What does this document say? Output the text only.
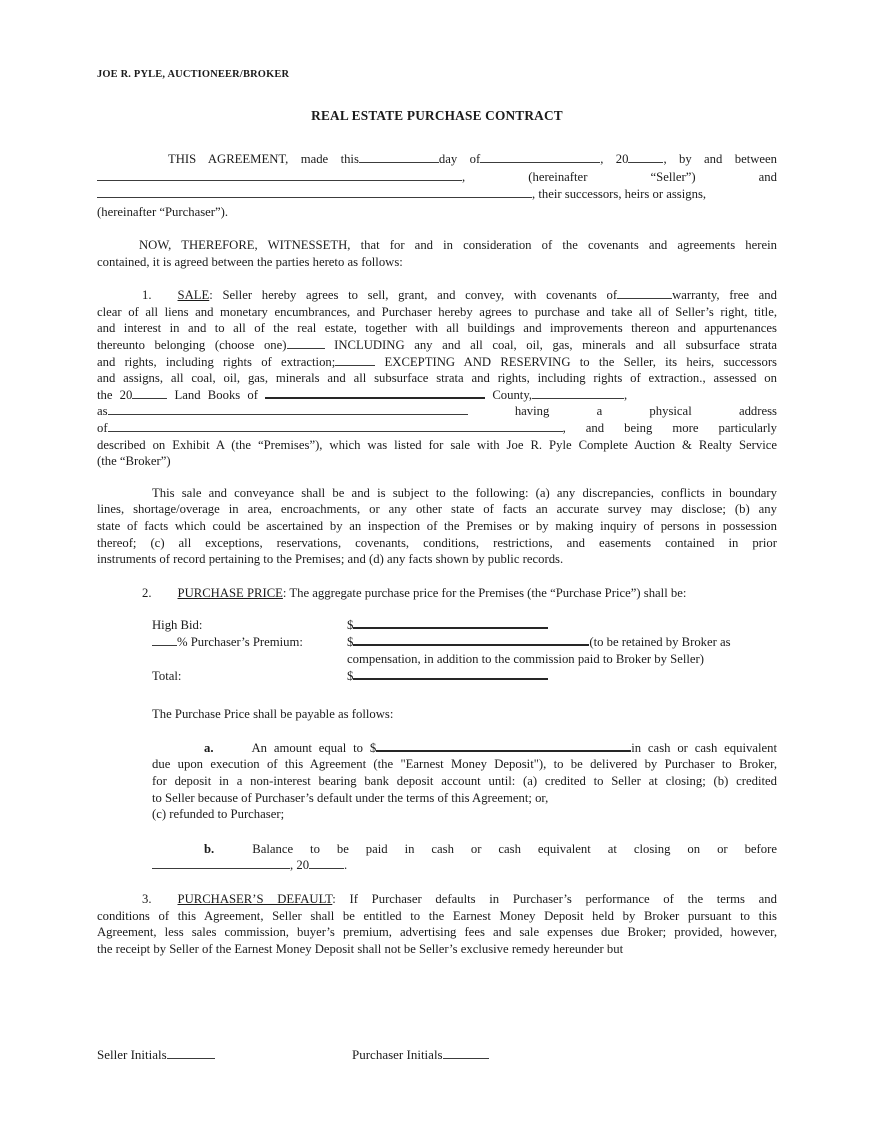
JOE R. PYLE, AUCTIONEER/BROKER
REAL ESTATE PURCHASE CONTRACT
THIS AGREEMENT, made this	day of	, 20	, by and between
,	(hereinafter	“Seller”)	and
, their successors, heirs or assigns,
(hereinafter “Purchaser”).
NOW, THEREFORE, WITNESSETH, that for and in consideration of the covenants and agreements herein
contained, it is agreed between the parties hereto as follows:
1. SALE: Seller hereby agrees to sell, grant, and convey, with covenants of	warranty, free and
clear of all liens and monetary encumbrances, and Purchaser hereby agrees to purchase and take all of Seller’s right, title,
and interest in and to all of the real estate, together with all buildings and improvements thereon and appurtenances
thereunto belonging (choose one)	INCLUDING any and all coal, oil, gas, minerals and all subsurface strata
and rights, including rights of extraction;	EXCEPTING AND RESERVING to the Seller, its heirs, successors
and assigns, all coal, oil, gas, minerals and all subsurface strata and rights, including rights of extraction., assessed on
the 20	Land Books of	County,	,
as	having a physical address
of	, and being more particularly
described on Exhibit A (the “Premises”), which was listed for sale with Joe R. Pyle Complete Auction & Realty Service
(the “Broker”)
This sale and conveyance shall be and is subject to the following: (a) any discrepancies, conflicts in boundary
lines, shortage/overage in area, encroachments, or any other state of facts an accurate survey may disclose; (b) any
state of facts which could be ascertained by an inspection of the Premises or by making inquiry of persons in possession
thereof; (c) all exceptions, reservations, covenants, conditions, restrictions, and easements contained in prior
instruments of record pertaining to the Premises; and (d) any facts shown by public records.
2. PURCHASE PRICE: The aggregate purchase price for the Premises (the “Purchase Price”) shall be:
High Bid:	$
% Purchaser’s Premium:	$	(to be retained by Broker as compensation, in addition to the commission paid to Broker by Seller)
Total:	$
The Purchase Price shall be payable as follows:
a.	An amount equal to $	in cash or cash equivalent
due upon execution of this Agreement (the "Earnest Money Deposit"), to be delivered by Purchaser to Broker,
for deposit in a non-interest bearing bank deposit account until: (a) credited to Seller at closing; (b) credited
to Seller because of Purchaser’s default under the terms of this Agreement; or,
(c) refunded to Purchaser;
b.	Balance to be paid in cash or cash equivalent at closing on or before
, 20	.
3. PURCHASER’S DEFAULT: If Purchaser defaults in Purchaser’s performance of the terms and
conditions of this Agreement, Seller shall be entitled to the Earnest Money Deposit held by Broker pursuant to this
Agreement, less sales commission, buyer’s premium, advertising fees and sale expenses due Broker; provided, however,
the receipt by Seller of the Earnest Money Deposit shall not be Seller’s exclusive remedy hereunder but
Seller Initials	Purchaser Initials
